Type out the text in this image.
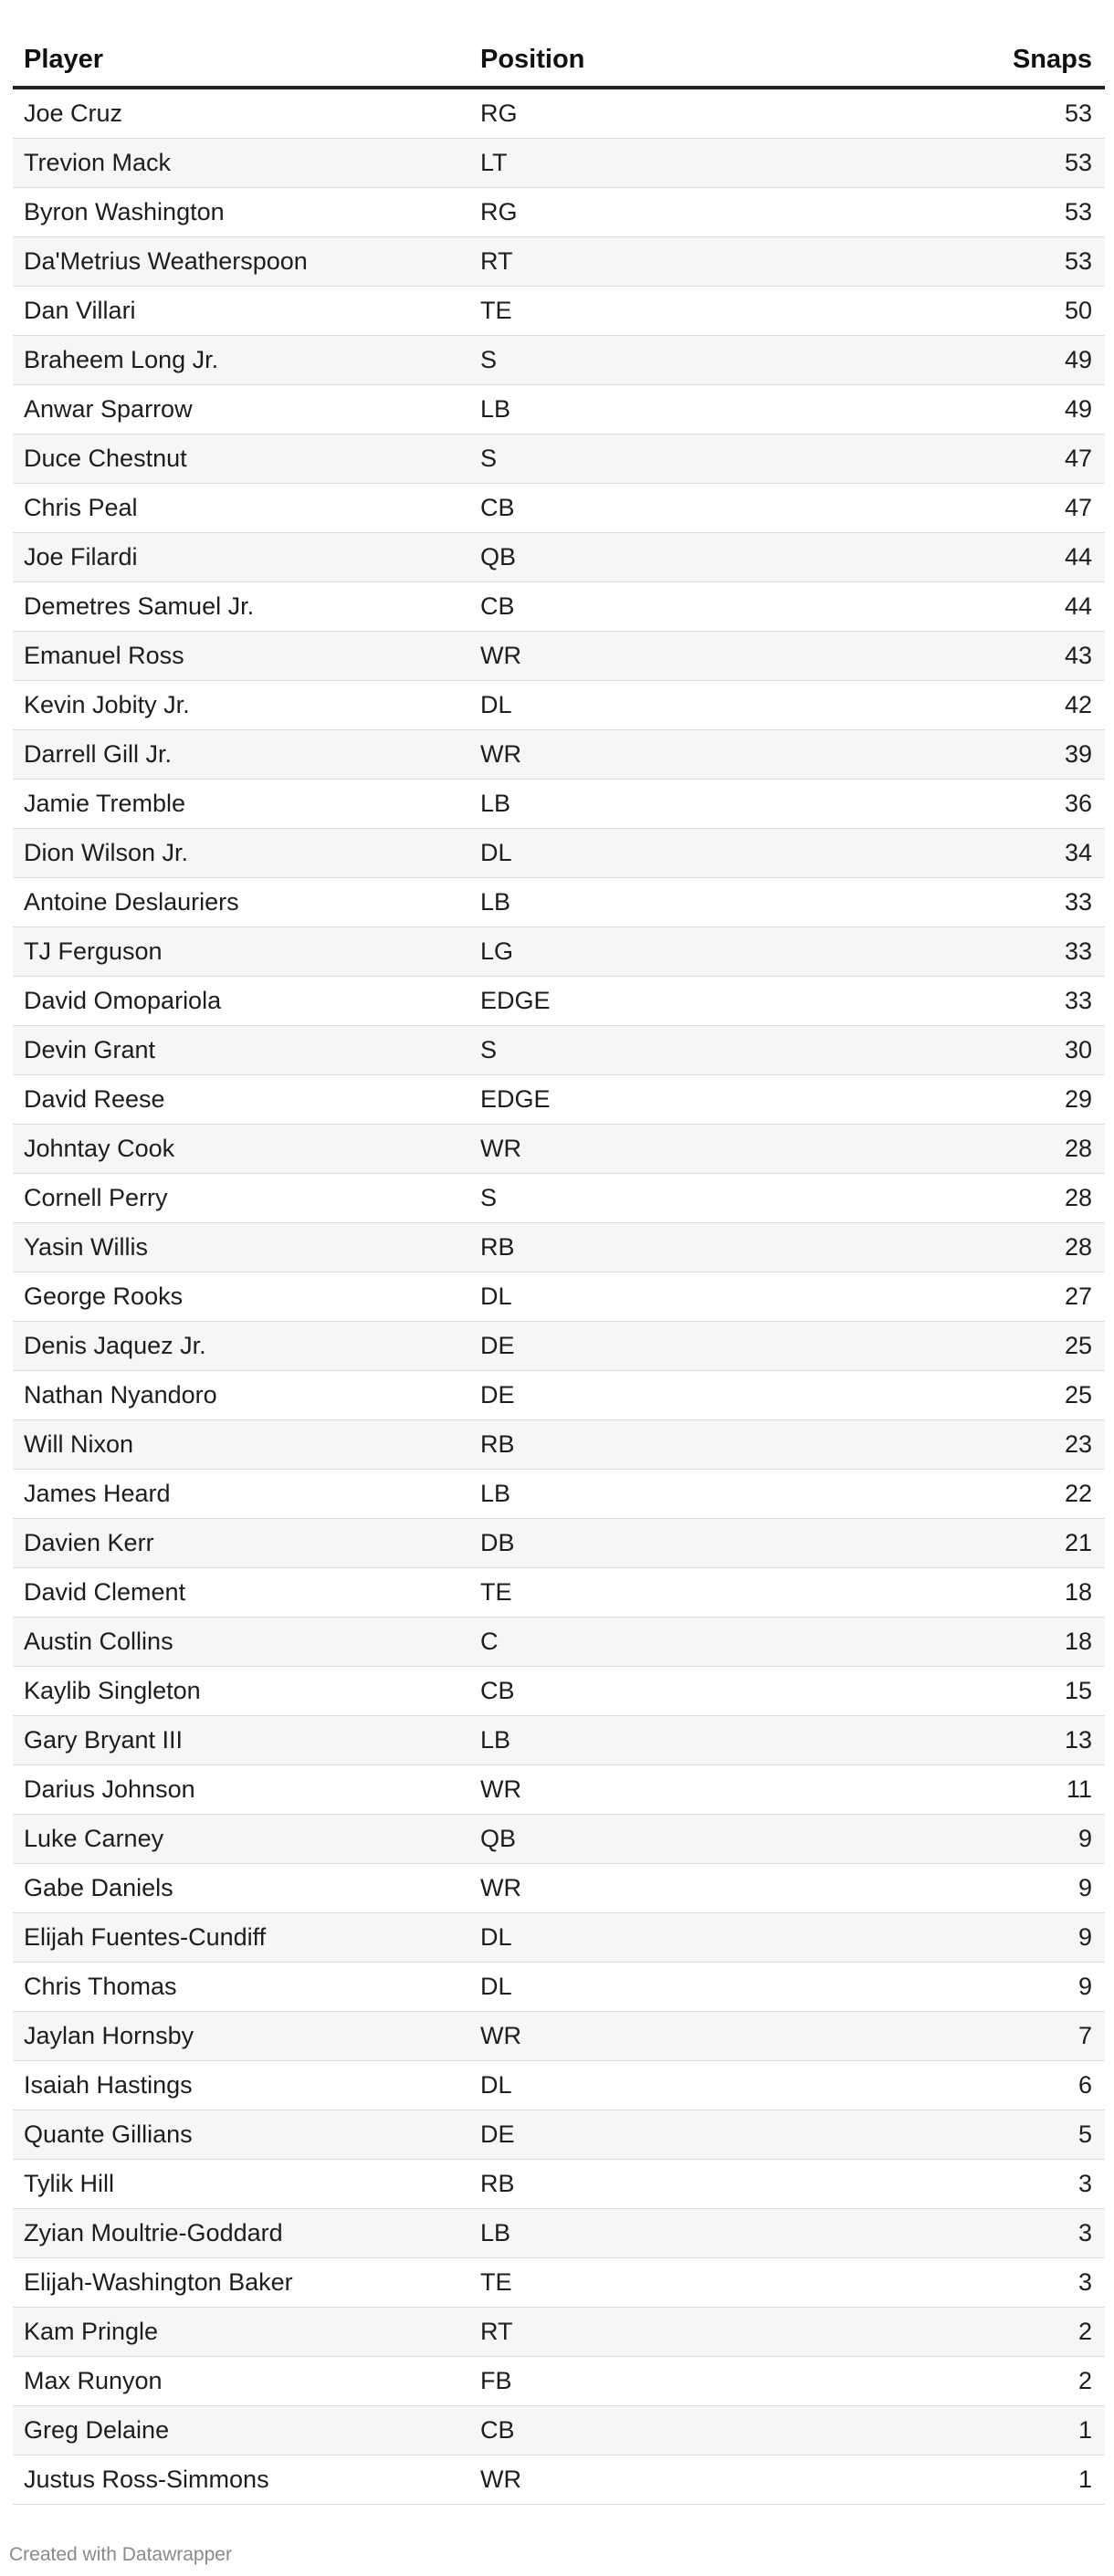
Player	Position	Snaps
Joe Cruz	RG	53
Trevion Mack	LT	53
Byron Washington	RG	53
Da'Metrius Weatherspoon	RT	53
Dan Villari	TE	50
Braheem Long Jr.	S	49
Anwar Sparrow	LB	49
Duce Chestnut	S	47
Chris Peal	CB	47
Joe Filardi	QB	44
Demetres Samuel Jr.	CB	44
Emanuel Ross	WR	43
Kevin Jobity Jr.	DL	42
Darrell Gill Jr.	WR	39
Jamie Tremble	LB	36
Dion Wilson Jr.	DL	34
Antoine Deslauriers	LB	33
TJ Ferguson	LG	33
David Omopariola	EDGE	33
Devin Grant	S	30
David Reese	EDGE	29
Johntay Cook	WR	28
Cornell Perry	S	28
Yasin Willis	RB	28
George Rooks	DL	27
Denis Jaquez Jr.	DE	25
Nathan Nyandoro	DE	25
Will Nixon	RB	23
James Heard	LB	22
Davien Kerr	DB	21
David Clement	TE	18
Austin Collins	C	18
Kaylib Singleton	CB	15
Gary Bryant III	LB	13
Darius Johnson	WR	11
Luke Carney	QB	9
Gabe Daniels	WR	9
Elijah Fuentes-Cundiff	DL	9
Chris Thomas	DL	9
Jaylan Hornsby	WR	7
Isaiah Hastings	DL	6
Quante Gillians	DE	5
Tylik Hill	RB	3
Zyian Moultrie-Goddard	LB	3
Elijah-Washington Baker	TE	3
Kam Pringle	RT	2
Max Runyon	FB	2
Greg Delaine	CB	1
Justus Ross-Simmons	WR	1
Created with Datawrapper
